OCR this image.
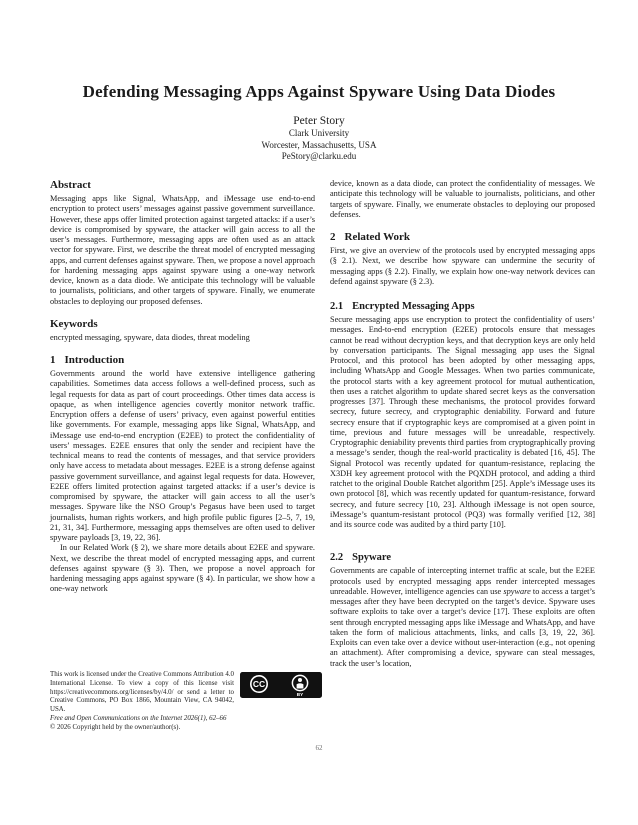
Defending Messaging Apps Against Spyware Using Data Diodes

Peter Story

Clark University

Worcester, Massachusetts, USA

PeStory@clarku.edu

Abstract

Messaging apps like Signal, WhatsApp, and iMessage use end-to-end encryption to protect users’ messages against passive government surveillance. However, these apps offer limited protection against targeted attacks: if a user’s device is compromised by spyware, the attacker will gain access to all the user’s messages. Furthermore, messaging apps are often used as an attack vector for spyware. First, we describe the threat model of encrypted messaging apps, and current defenses against spyware. Then, we propose a novel approach for hardening messaging apps against spyware using a one-way network device, known as a data diode. We anticipate this technology will be valuable to journalists, politicians, and other targets of spyware. Finally, we enumerate obstacles to deploying our proposed defenses.

Keywords

encrypted messaging, spyware, data diodes, threat modeling

1 Introduction

Governments around the world have extensive intelligence gathering capabilities. Sometimes data access follows a well-defined process, such as legal requests for data as part of court proceedings. Other times data access is opaque, as when intelligence agencies covertly monitor network traffic. Encryption offers a defense of users’ privacy, even against powerful entities like governments. For example, messaging apps like Signal, WhatsApp, and iMessage use end-to-end encryption (E2EE) to protect the confidentiality of users’ messages. E2EE ensures that only the sender and recipient have the technical means to read the contents of messages, and that service providers only have access to metadata about messages. E2EE is a strong defense against passive government surveillance, and against legal requests for data. However, E2EE offers limited protection against targeted attacks: if a user’s device is compromised by spyware, the attacker will gain access to all the user’s messages. Spyware like the NSO Group’s Pegasus have been used to target journalists, human rights workers, and high profile public figures [2–5, 7, 19, 21, 31, 34]. Furthermore, messaging apps themselves are often used to deliver spyware payloads [3, 19, 22, 36].

In our Related Work (§ 2), we share more details about E2EE and spyware. Next, we describe the threat model of encrypted messaging apps, and current defenses against spyware (§ 3). Then, we propose a novel approach for hardening messaging apps against spyware (§ 4). In particular, we show how a one-way network

device, known as a data diode, can protect the confidentiality of messages. We anticipate this technology will be valuable to journalists, politicians, and other targets of spyware. Finally, we enumerate obstacles to deploying our proposed defenses.

2 Related Work

First, we give an overview of the protocols used by encrypted messaging apps (§ 2.1). Next, we describe how spyware can undermine the security of messaging apps (§ 2.2). Finally, we explain how one-way network devices can defend against spyware (§ 2.3).

2.1 Encrypted Messaging Apps

Secure messaging apps use encryption to protect the confidentiality of users’ messages. End-to-end encryption (E2EE) protocols ensure that messages cannot be read without decryption keys, and that decryption keys are only held by conversation participants. The Signal messaging app uses the Signal Protocol, and this protocol has been adopted by other messaging apps, including WhatsApp and Google Messages. When two parties communicate, the protocol starts with a key agreement protocol for mutual authentication, then uses a ratchet algorithm to update shared secret keys as the conversation progresses [37]. Through these mechanisms, the protocol provides forward secrecy, future secrecy, and cryptographic deniability. Forward and future secrecy ensure that if cryptographic keys are compromised at a given point in time, previous and future messages will be unreadable, respectively. Cryptographic deniability prevents third parties from cryptographically proving a message’s sender, though the real-world practicality is debated [16, 45]. The Signal Protocol was recently updated for quantum-resistance, replacing the X3DH key agreement protocol with the PQXDH protocol, and adding a third ratchet to the original Double Ratchet algorithm [25]. Apple’s iMessage uses its own protocol [8], which was recently updated for quantum-resistance, forward secrecy, and future secrecy [10, 23]. Although iMessage is not open source, iMessage’s quantum-resistant protocol (PQ3) was formally verified [12, 38] and its source code was audited by a third party [10].

2.2 Spyware

Governments are capable of intercepting internet traffic at scale, but the E2EE protocols used by encrypted messaging apps render intercepted messages unreadable. However, intelligence agencies can use spyware to access a target’s messages after they have been decrypted on the target’s device. Spyware uses software exploits to take over a target’s device [17]. These exploits are often sent through encrypted messaging apps like iMessage and WhatsApp, and have taken the form of malicious attachments, links, and calls [3, 19, 22, 36]. Exploits can even take over a device without user-interaction (e.g., not opening an attachment). After compromising a device, spyware can steal messages, track the user’s location,

CC
BY
This work is licensed under the Creative Commons Attribution 4.0 International License. To view a copy of this license visit https://creativecommons.org/licenses/by/4.0/ or send a letter to Creative Commons, PO Box 1866, Mountain View, CA 94042, USA.

Free and Open Communications on the Internet 2026(1), 62–66

© 2026 Copyright held by the owner/author(s).

62
